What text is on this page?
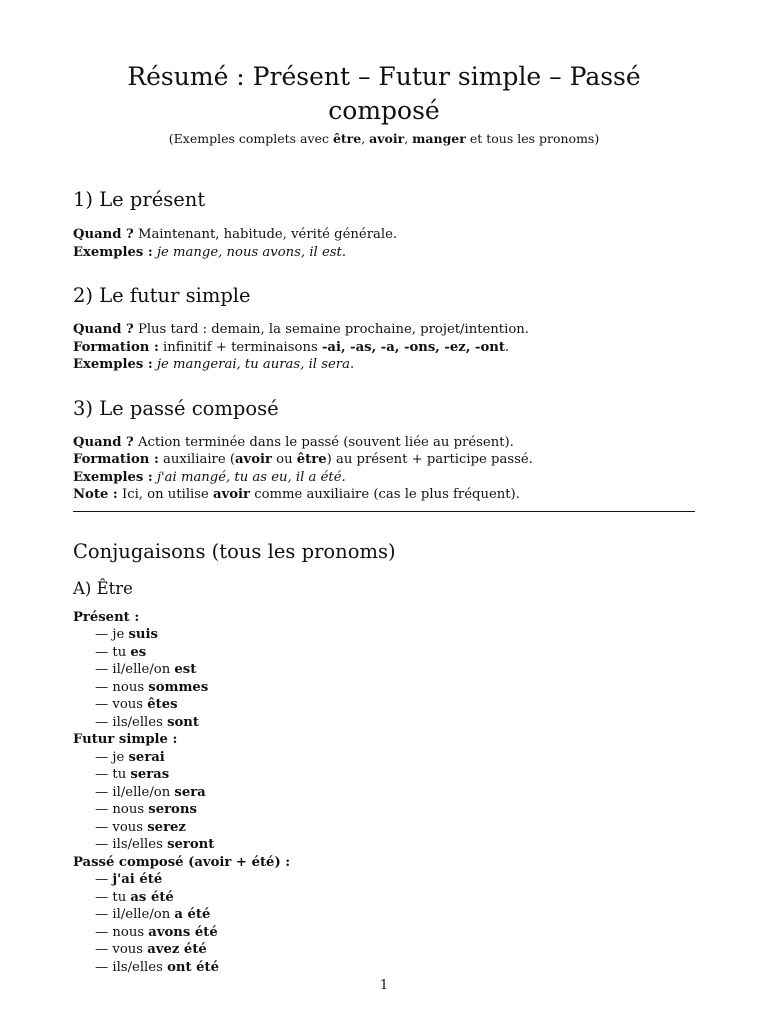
Résumé : Présent – Futur simple – Passé composé

(Exemples complets avec être, avoir, manger et tous les pronoms)

1) Le présent

Quand ? Maintenant, habitude, vérité générale.

Exemples : je mange, nous avons, il est.

2) Le futur simple

Quand ? Plus tard : demain, la semaine prochaine, projet/intention.

Formation : infinitif + terminaisons -ai, -as, -a, -ons, -ez, -ont.

Exemples : je mangerai, tu auras, il sera.

3) Le passé composé

Quand ? Action terminée dans le passé (souvent liée au présent).

Formation : auxiliaire (avoir ou être) au présent + participe passé.

Exemples : j'ai mangé, tu as eu, il a été.

Note : Ici, on utilise avoir comme auxiliaire (cas le plus fréquent).

Conjugaisons (tous les pronoms)
A) Être

Présent :

— je suis
— tu es
— il/elle/on est
— nous sommes
— vous êtes
— ils/elles sont

Futur simple :

— je serai
— tu seras
— il/elle/on sera
— nous serons
— vous serez
— ils/elles seront

Passé composé (avoir + été) :

— j'ai été
— tu as été
— il/elle/on a été
— nous avons été
— vous avez été
— ils/elles ont été
1
